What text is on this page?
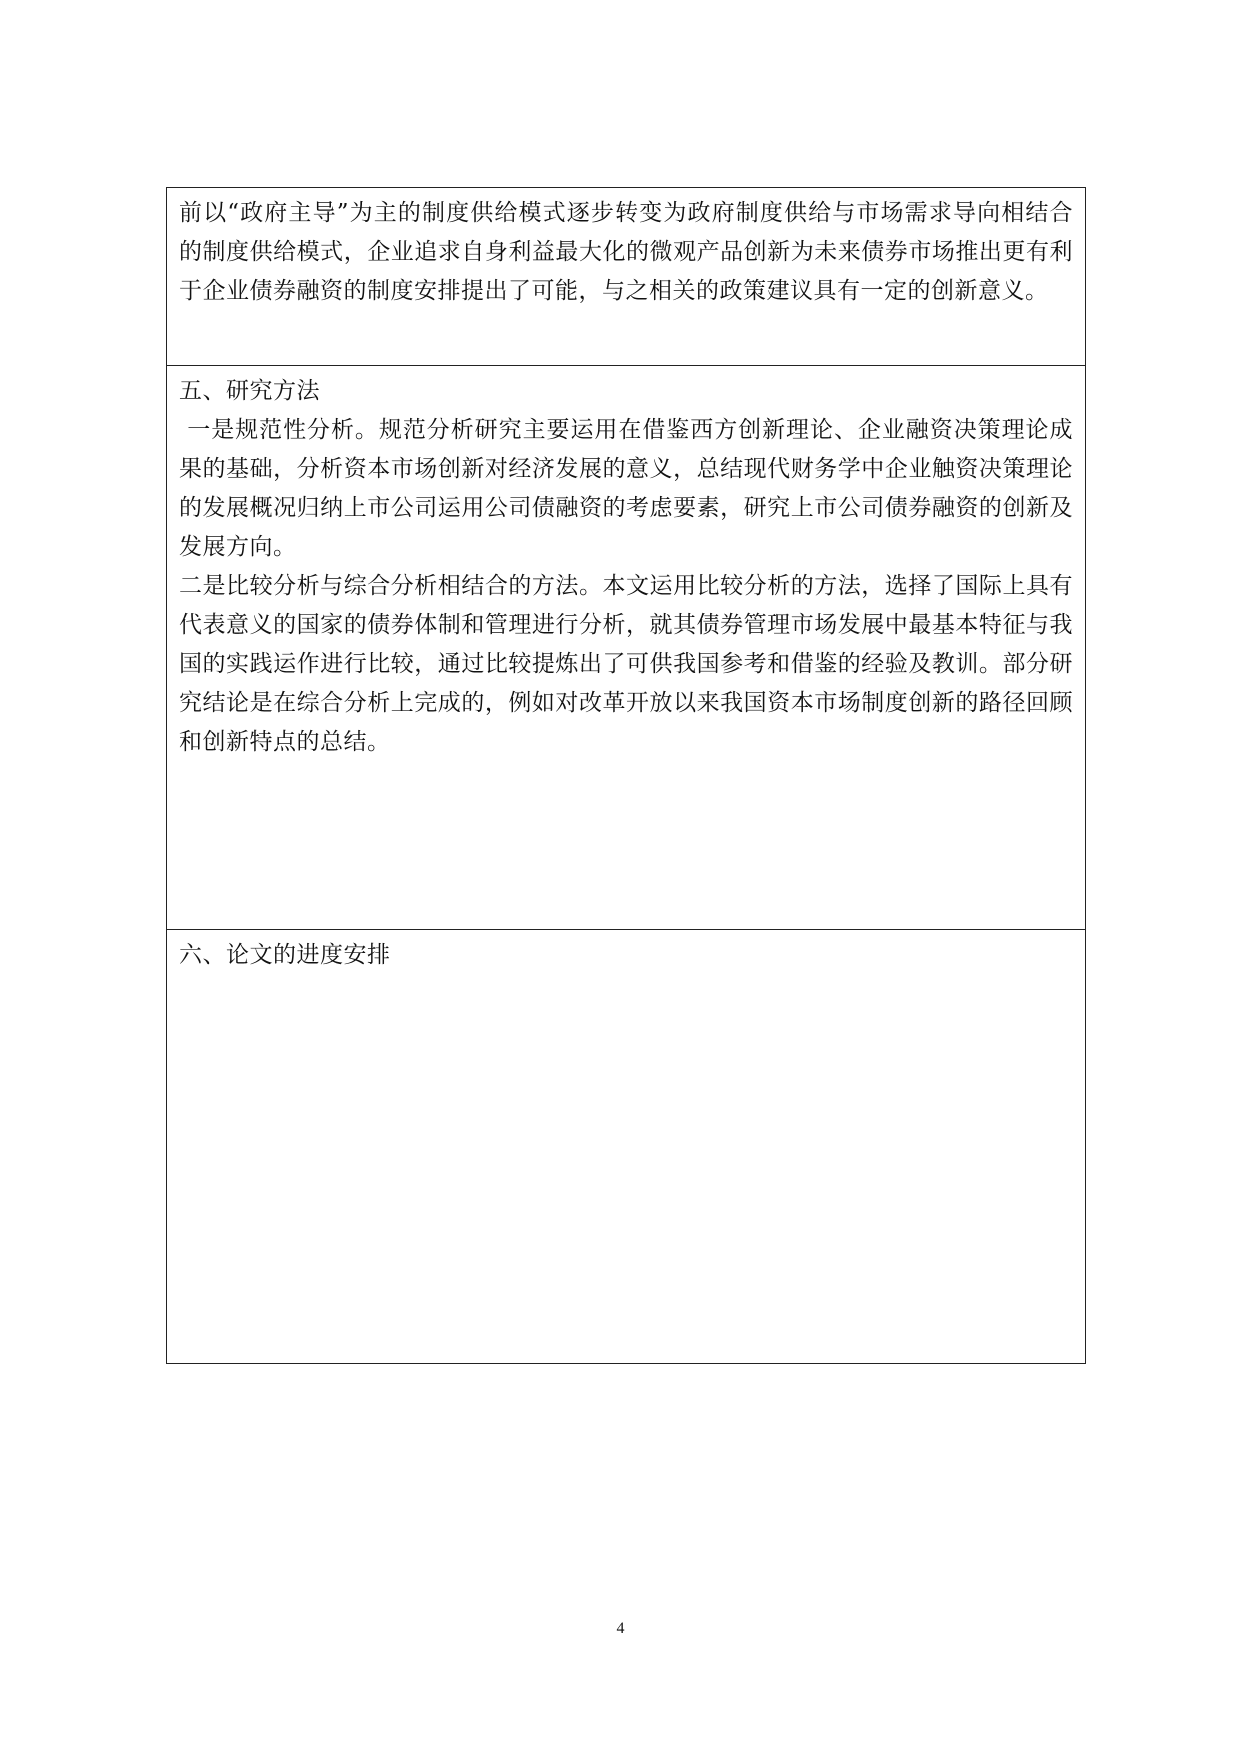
前以“政府主导”为主的制度供给模式逐步转变为政府制度供给与市场需求导向相结合的制度供给模式，企业追求自身利益最大化的微观产品创新为未来债券市场推出更有利于企业债券融资的制度安排提出了可能，与之相关的政策建议具有一定的创新意义。

五、研究方法

一是规范性分析。规范分析研究主要运用在借鉴西方创新理论、企业融资决策理论成果的基础，分析资本市场创新对经济发展的意义，总结现代财务学中企业触资决策理论的发展概况归纳上市公司运用公司债融资的考虑要素，研究上市公司债券融资的创新及发展方向。

二是比较分析与综合分析相结合的方法。本文运用比较分析的方法，选择了国际上具有代表意义的国家的债券体制和管理进行分析，就其债券管理市场发展中最基本特征与我国的实践运作进行比较，通过比较提炼出了可供我国参考和借鉴的经验及教训。部分研究结论是在综合分析上完成的，例如对改革开放以来我国资本市场制度创新的路径回顾和创新特点的总结。

六、论文的进度安排
4
